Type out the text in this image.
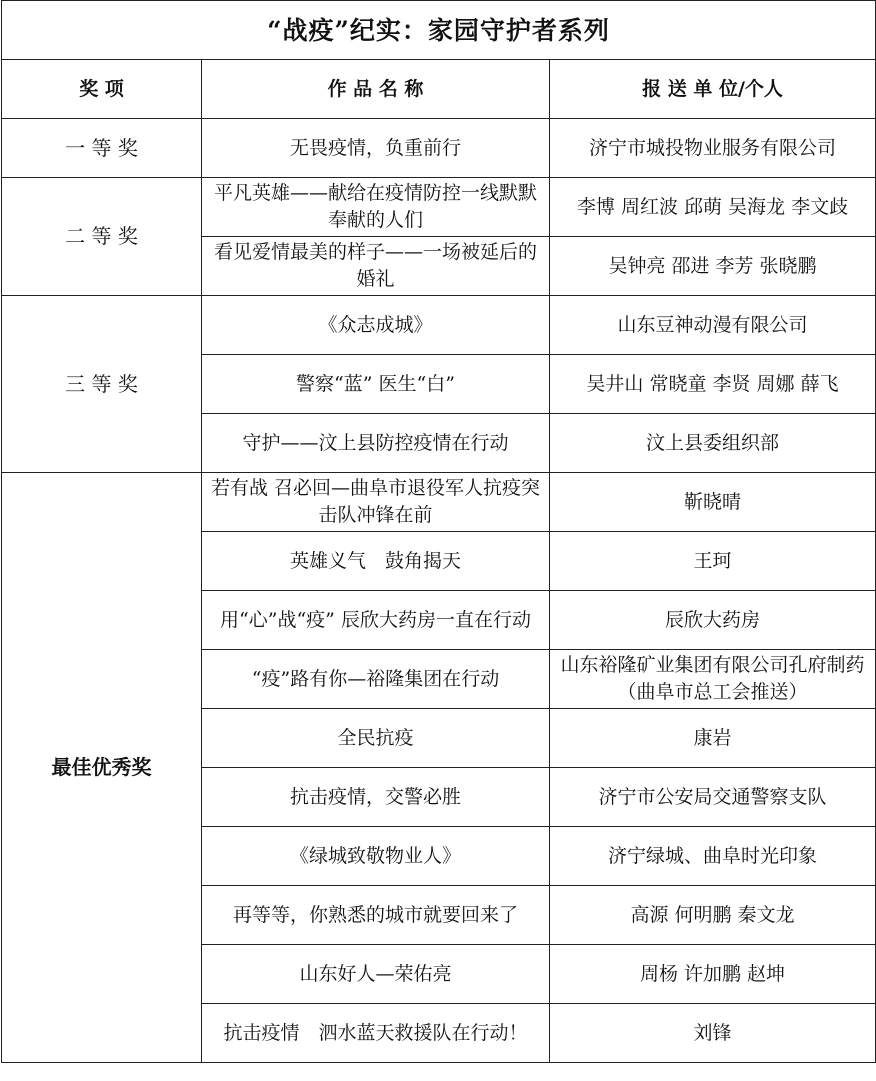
“战疫”纪实：家园守护者系列		
奖 项	作 品 名 称	报 送 单 位/个人
一 等 奖	无畏疫情，负重前行	济宁市城投物业服务有限公司
二 等 奖	平凡英雄——献给在疫情防控一线默默奉献的人们	李博 周红波 邱萌 吴海龙 李文歧
	看见爱情最美的样子——一场被延后的婚礼	吴钟亮 邵进 李芳 张晓鹏
三 等 奖	《众志成城》	山东豆神动漫有限公司
	警察“蓝” 医生“白”	吴井山 常晓童 李贤 周娜 薛飞
	守护——汶上县防控疫情在行动	汶上县委组织部
最佳优秀奖	若有战 召必回—曲阜市退役军人抗疫突击队冲锋在前	靳晓晴
	英雄义气　鼓角揭天	王珂
	用“心”战“疫” 辰欣大药房一直在行动	辰欣大药房
	“疫”路有你—裕隆集团在行动	山东裕隆矿业集团有限公司孔府制药（曲阜市总工会推送）
	全民抗疫	康岩
	抗击疫情，交警必胜	济宁市公安局交通警察支队
	《绿城致敬物业人》	济宁绿城、曲阜时光印象
	再等等，你熟悉的城市就要回来了	高源 何明鹏 秦文龙
	山东好人—荣佑亮	周杨 许加鹏 赵坤
	抗击疫情　泗水蓝天救援队在行动！	刘锋
